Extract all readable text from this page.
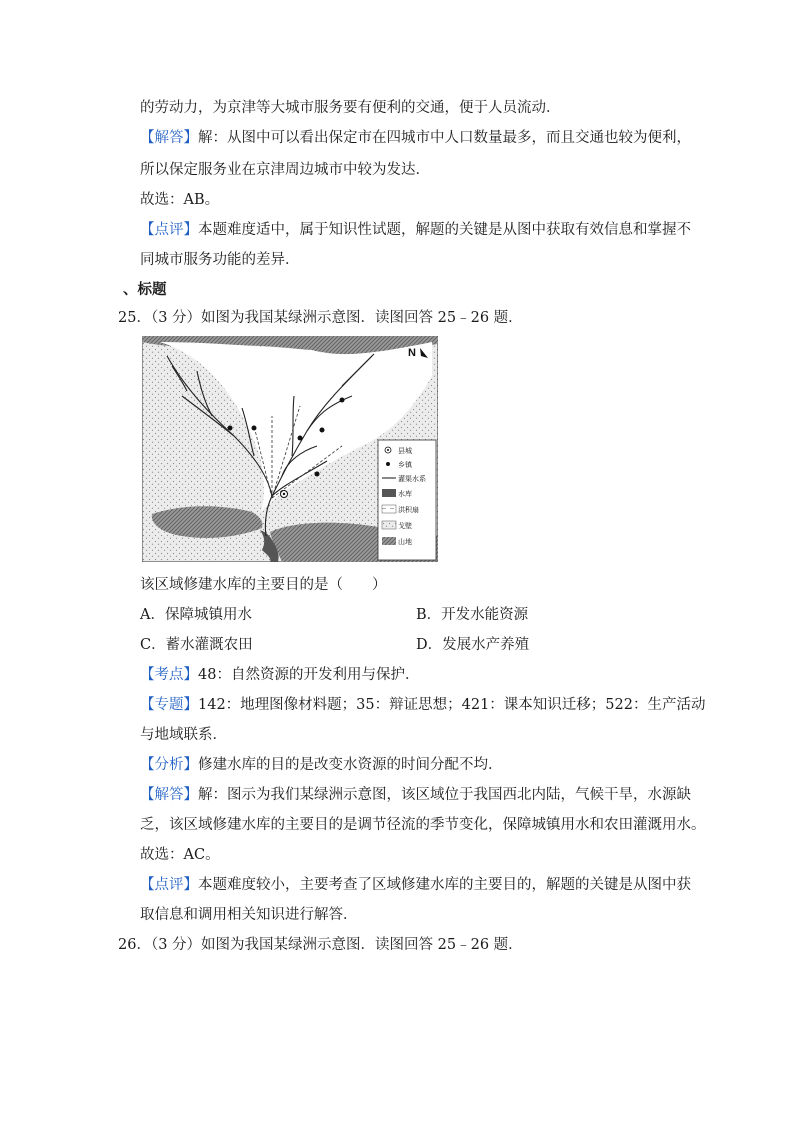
的劳动力，为京津等大城市服务要有便利的交通，便于人员流动．
【解答】解：从图中可以看出保定市在四城市中人口数量最多，而且交通也较为便利，
所以保定服务业在京津周边城市中较为发达．
故选：AB。
【点评】本题难度适中，属于知识性试题，解题的关键是从图中获取有效信息和掌握不
同城市服务功能的差异．
、标题
25．（3 分）如图为我国某绿洲示意图．读图回答 25﹣26 题．
N
县城
乡镇
灌渠水系
水库
洪积扇
戈壁
山地
该区域修建水库的主要目的是（　　）
A．保障城镇用水	B．开发水能资源
C．蓄水灌溉农田	D．发展水产养殖
【考点】48：自然资源的开发利用与保护．
【专题】142：地理图像材料题；35：辩证思想；421：课本知识迁移；522：生产活动
与地域联系．
【分析】修建水库的目的是改变水资源的时间分配不均．
【解答】解：图示为我们某绿洲示意图，该区域位于我国西北内陆，气候干旱，水源缺
乏，该区域修建水库的主要目的是调节径流的季节变化，保障城镇用水和农田灌溉用水。
故选：AC。
【点评】本题难度较小，主要考查了区域修建水库的主要目的，解题的关键是从图中获
取信息和调用相关知识进行解答．
26．（3 分）如图为我国某绿洲示意图．读图回答 25﹣26 题．
